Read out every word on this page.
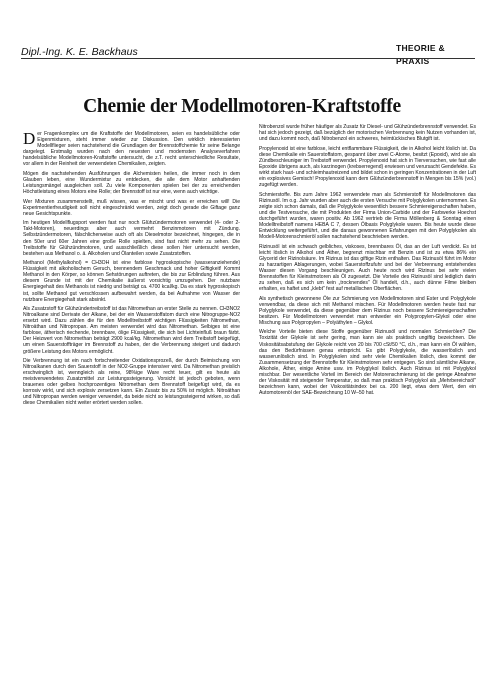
Dipl.-Ing. K. E. Backhaus	THEORIE &
PRAXIS
Chemie der Modellmotoren-Kraftstoffe

Der Fragenkomplex um die Kraftstoffe der Modellmotoren, seien es handelsübliche oder Eigenmixturen, steht immer wieder zur Diskussion. Den wirklich interessierten Modellflieger seien nachstehend die Grundlagen der Brennstoffchemie für seine Belange dargelegt. Erstmalig wurden nach den neuesten und modernsten Analyseverfahren handelsübliche Modellmotoren-Kraftstoffe untersucht, die z.T. recht unterschiedliche Resultate, vor allem in der Reinheit der verwendeten Chemikalien, zeigten.

Mögen die nachstehenden Ausführungen die Alchemisten heilen, die immer noch in dem Glauben leben, eine Wundermixtur zu entdecken, die alle dem Motor anhaftenden Leistungsmängel ausgleichen soll. Zu viele Komponenten spielen bei der zu erreichenden Höchstleistung eines Motors eine Rolle; der Brennstoff ist nur eine, wenn auch wichtige.

Wer Mixturen zusammenstellt, muß wissen, was er mischt und was er erreichen will! Die Experimentierfreudigkeit soll nicht eingeschränkt werden, zeigt doch gerade die Giftage ganz neue Gesichtspunkte.

Im heutigen Modellflugsport werden fast nur noch Glühzündermotoren verwendet (4- oder 2-Takt-Motoren), neuerdings aber auch vermehrt Benzinmotoren mit Zündung. Selbstzündermotoren, fälschlicherweise auch oft als Dieselmotor bezeichnet, hingegen, die in den 50er und 60er Jahren eine große Rolle spielten, sind fast nicht mehr zu sehen. Die Treibstoffe für Glühzündmotoren, und ausschließlich diese sollen hier untersucht werden, bestehen aus Methanol o. ä. Alkoholen und Ölanteilen sowie Zusatzstoffen.

Methanol (Methylalkohol) = CH3OH ist eine farblose hygroskopische (wasseranziehende) Flüssigkeit mit alkoholischem Geruch, brennendem Geschmack und hoher Giftigkeit! Kommt Methanol in den Körper, so können Sehstörungen auftreten, die bis zur Erblindung führen. Aus diesem Grunde ist mit der Chemikalie äußerst vorsichtig umzugehen. Der nutzbare Energiegehalt des Methanols ist niedrig und beträgt ca. 4700 kcal/kg. Da es stark hygroskopisch ist, sollte Methanol gut verschlossen aufbewahrt werden, da bei Aufnahme von Wasser der nutzbare Energiegehalt stark absinkt.

Als Zusatzstoff für Glühzündertreibstoff ist das Nitromethan an erster Stelle zu nennen. CH3NO2 Nitroalkane sind Derivate der Alkane, bei der ein Wasserstoffatom durch eine Nitrogruppe-NO2 ersetzt wird. Dazu zählen die für den Modelltreibstoff wichtigen Flüssigkeiten Nitromethan, Nitroäthan und Nitropropan. Am meisten verwendet wird das Nitromethan. Selbiges ist eine farblose, ätherisch riechende, brennbare, ölige Flüssigkeit, die sich bei Lichteinfluß braun färbt. Der Heizwert von Nitromethan beträgt 2900 kcal/kg. Nitromethan wird dem Treibstoff beigefügt, um einen Sauerstoffträger im Brennstoff zu haben, der die Verbrennung steigert und dadurch größere Leistung des Motors ermöglicht.

Die Verbrennung ist ein nach fortschreitender Oxidationsprozeß, der durch Beimischung von Nitroalkanen durch den Sauerstoff in der NO2-Gruppe intensiver wird. Da Nitromethan preislich erschwinglich ist, wenngleich als reine, 98%ige Ware recht teuer, gilt es heute als meistverwendetes Zusatzmittel zur Leistungssteigerung. Vorsicht ist jedoch geboten, wenn brauenes oder gelbes hochprozentiges Nitromethan dem Brennstoff beigefügt wird, da es korrosiv wirkt, und sich explosiv zersetzen kann. Ein Zusatz bis zu 50% ist möglich. Nitroäthan und Nitropropan werden weniger verwendet, da beide nicht so leistungssteigernd wirken, so daß diese Chemikalien nicht weiter erörtert werden sollen.

Nitrobenzol wurde früher häufiger als Zusatz für Diesel- und Glühzünderbrennstoff verwendet. Es hat sich jedoch gezeigt, daß bezüglich der motorischen Verbrennung kein Nutzen vorhanden ist, und dazu kommt noch, daß Nitrobenzol ein schweres, heimtückisches Blutgift ist.

Propylenoxid ist eine farblose, leicht entflammbare Flüssigkeit, die in Alkohol leicht löslich ist. Da diese Chemikalie ein Sauerstoffatom, gespannt über zwei C-Atome, besitzt (Epoxid), wird sie als Zündbeschleuniger im Treibstoff verwendet. Propylenoxid hat sich in Tierversuchen, wie fast alle Epoxide übrigens auch, als karzinogen (krebserregend) erwiesen und verursacht Gendefekte. Es wirkt stark haut- und schleimhautreizend und bildet schon in geringen Konzentrationen in der Luft ein explosives Gemisch! Propylenoxid kann dem Glühzünderbrennstoff in Mengen bis 15% (vol.) zugefügt werden.

Schmierstoffe. Bis zum Jahre 1962 verwendete man als Schmierstoff für Modellmotoren das Rizinusöl. Im o.g. Jahr wurden aber auch die ersten Versuche mit Polyglykolen unternommen. Es zeigte sich schon damals, daß die Polyglykole wesentlich bessere Schmiereigenschaften haben, und die Testversuche, die mit Produkten der Firma Union-Carbide und der Farbwerke Hoechst durchgeführt wurden, waren positiv. Ab 1962 vertrieb die Firma Möllenberg & Sonntag einen Modelltreibstoff namens HEBA C 7, dessen Ölbasis Polyglykole waren. Bis heute wurde diese Entwicklung weitergeführt, und die daraus gewonnenen Erfahrungen mit den Polyglykolen als Modell-Motorenschmieröl sollen nachstehend beschrieben werden.

Rizinusöl ist ein schwach gelbliches, viskoses, brennbares Öl, das an der Luft verdickt. Es ist leicht löslich in Alkohol und Äther, begrenzt mischbar mit Benzin und ist zu etwa 86% ein Glycerid der Rizinolsäure. Im Rizinus ist das giftige Rizin enthalten. Das Rizinusöl führt im Motor zu harzartigen Ablagerungen, wobei Sauerstoffzufuhr und bei der Verbrennung entstehendes Wasser diesen Vorgang beschleunigen. Auch heute noch wird Rizinus bei sehr vielen Brennstoffen für Kleinstmotoren als Öl zugesetzt. Die Vorteile des Rizinusöl sind lediglich darin zu sehen, daß es sich um kein „trocknendes" Öl handelt, d.h., auch dünne Filme bleiben erhalten, es haftet und „klebt" fest auf metallischen Oberflächen.

Als synthetisch gewonnene Öle zur Schmierung von Modellmotoren sind Ester und Polyglykole verwendbar, da diese sich mit Methanol mischen. Für Modellmotoren werden heute fast nur Polyglykole verwendet, da diese gegenüber dem Rizinus noch bessere Schmiereigenschaften besitzen. Für Modellmotoren verwendet man entweder ein Polypropylen-Glykol oder eine Mischung aus Polypropylen – Polyäthylen – Glykol.

Welche Vorteile bieten diese Stoffe gegenüber Rizinusöl und normalen Schmierölen? Die Toxizität der Glykole ist sehr gering, man kann sie als praktisch ungiftig bezeichnen. Die Viskositätsabstufung der Glykole reicht von 20 bis 700 cSt/50 °C, d.h., man kann ein Öl wählen, das den Bedürfnissen genau entspricht. Es gibt Polyglykole, die wasserlöslich und wasserunlöslich sind. In Polyglykolen sind sehr viele Chemikalien löslich, dies kommt der Zusammensetzung der Brennstoffe für Kleinstmotoren sehr entgegen. So sind sämtliche Alkane, Alkohole, Äther, einige Amine usw. im Polyglykol löslich. Auch Rizinus ist mit Polyglykol mischbar. Der wesentliche Vorteil im Bereich der Motorenschmierung ist die geringe Abnahme der Viskosität mit steigender Temperatur, so daß man praktisch Polyglykol als „Mehrbereichsöl" bezeichnen kann, wobei der Viskositätsindex bei ca. 200 liegt, etwa dem Wert, den ein Automotorenöl der SAE-Bezeichnung 10 W–50 hat.
